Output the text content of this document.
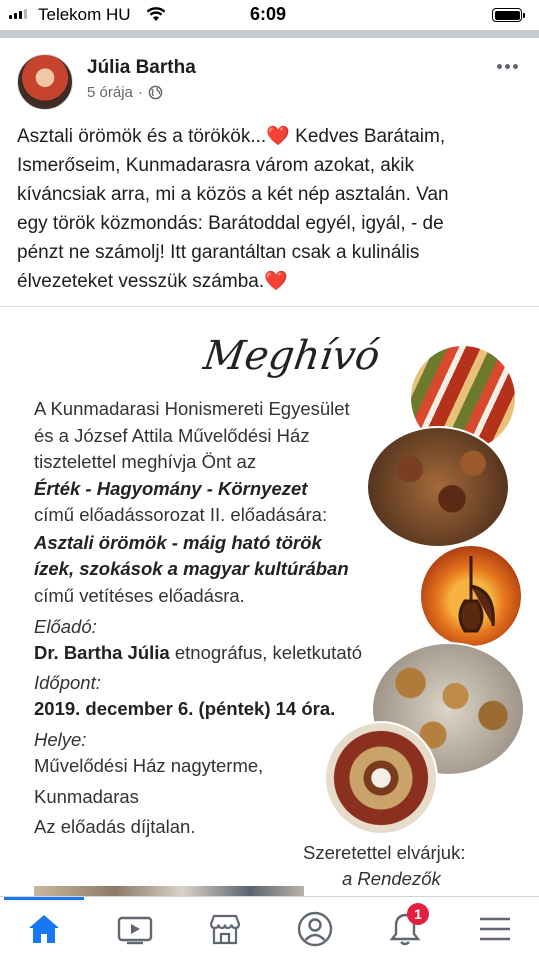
Telekom HU	6:09
Júlia Bartha
5 órája ·
Asztali örömök és a törökök...❤️ Kedves Barátaim,
Ismerőseim, Kunmadarasra várom azokat, akik
kíváncsiak arra, mi a közös a két nép asztalán. Van
egy török közmondás: Barátoddal egyél, igyál, - de
pénzt ne számolj! Itt garantáltan csak a kulinális
élvezeteket vesszük számba.❤️
Meghívó
A Kunmadarasi Honismereti Egyesület
és a József Attila Művelődési Ház
tisztelettel meghívja Önt az
Érték - Hagyomány - Környezet
című előadássorozat II. előadására:
Asztali örömök - máig ható török
ízek, szokások a magyar kultúrában
című vetítéses előadásra.
Előadó:
Dr. Bartha Júlia etnográfus, keletkutató
Időpont:
2019. december 6. (péntek) 14 óra.
Helye:
Művelődési Ház nagyterme,
Kunmadaras
Az előadás díjtalan.
Szeretettel elvárjuk:
a Rendezők
1
